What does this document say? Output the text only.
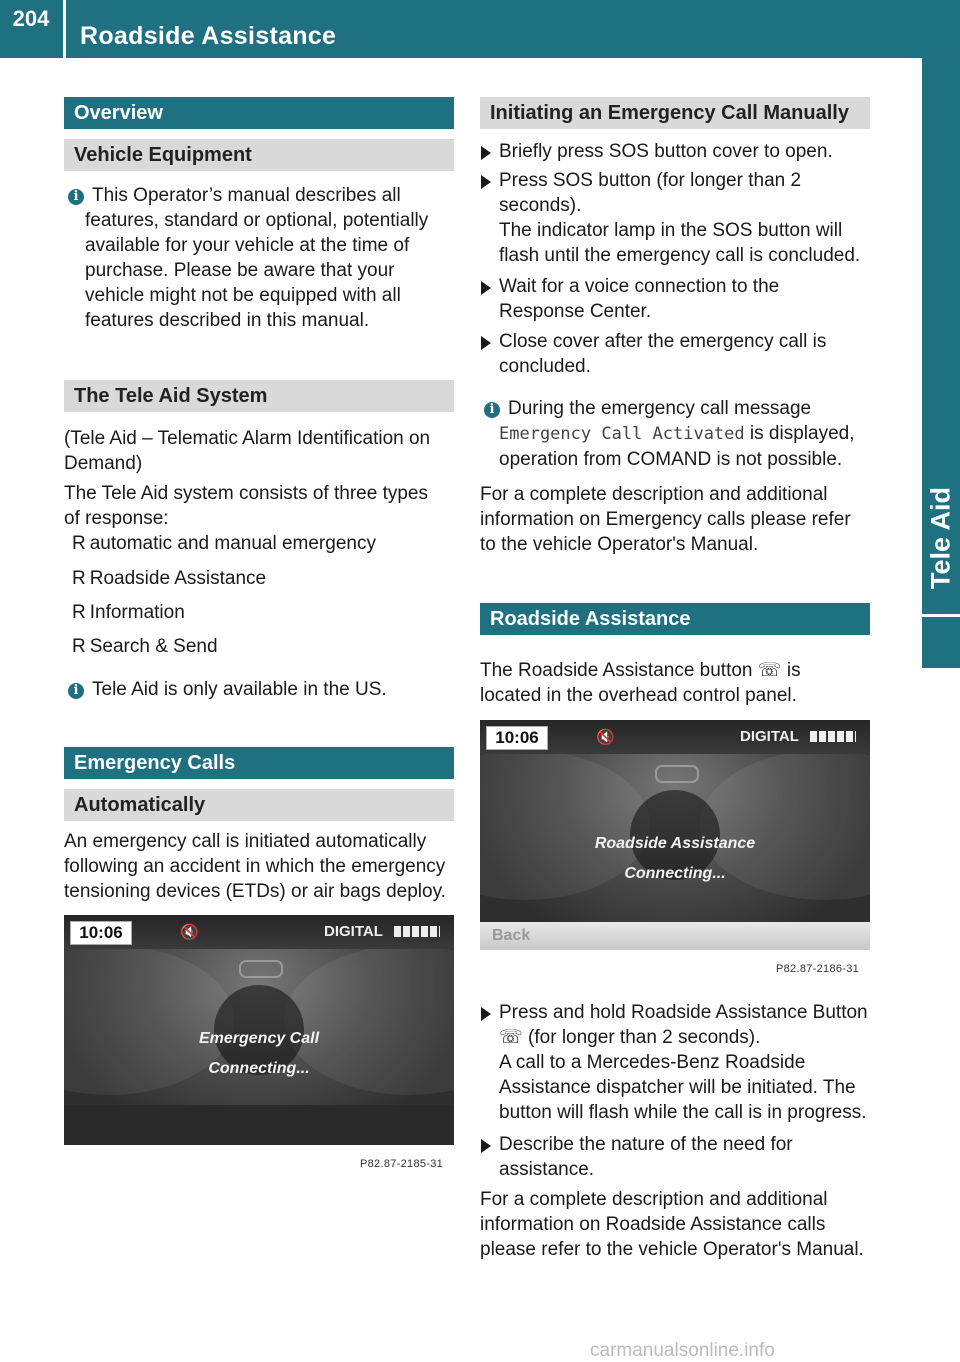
204
Roadside Assistance
Tele Aid
Overview
Vehicle Equipment
i This Operator’s manual describes all
features, standard or optional, potentially
available for your vehicle at the time of
purchase. Please be aware that your
vehicle might not be equipped with all
features described in this manual.
The Tele Aid System
(Tele Aid – Telematic Alarm Identification on
Demand)
The Tele Aid system consists of three types
of response:
R automatic and manual emergency
R Roadside Assistance
R Information
R Search & Send
i Tele Aid is only available in the US.
Emergency Calls
Automatically
An emergency call is initiated automatically
following an accident in which the emergency
tensioning devices (ETDs) or air bags deploy.
10:06	🔇	DIGITAL
Emergency Call
Connecting...
P82.87-2185-31
Initiating an Emergency Call Manually
Briefly press SOS button cover to open.
Press SOS button (for longer than 2
seconds).
The indicator lamp in the SOS button will
flash until the emergency call is concluded.
Wait for a voice connection to the
Response Center.
Close cover after the emergency call is
concluded.
i During the emergency call message
Emergency Call Activated is displayed,
operation from COMAND is not possible.
For a complete description and additional
information on Emergency calls please refer
to the vehicle Operator's Manual.
Roadside Assistance
The Roadside Assistance button ☏ is
located in the overhead control panel.
10:06	🔇	DIGITAL
Roadside Assistance
Connecting...
Back
P82.87-2186-31
Press and hold Roadside Assistance Button
☏ (for longer than 2 seconds).
A call to a Mercedes-Benz Roadside
Assistance dispatcher will be initiated. The
button will flash while the call is in progress.
Describe the nature of the need for
assistance.
For a complete description and additional
information on Roadside Assistance calls
please refer to the vehicle Operator's Manual.
carmanualsonline.info
